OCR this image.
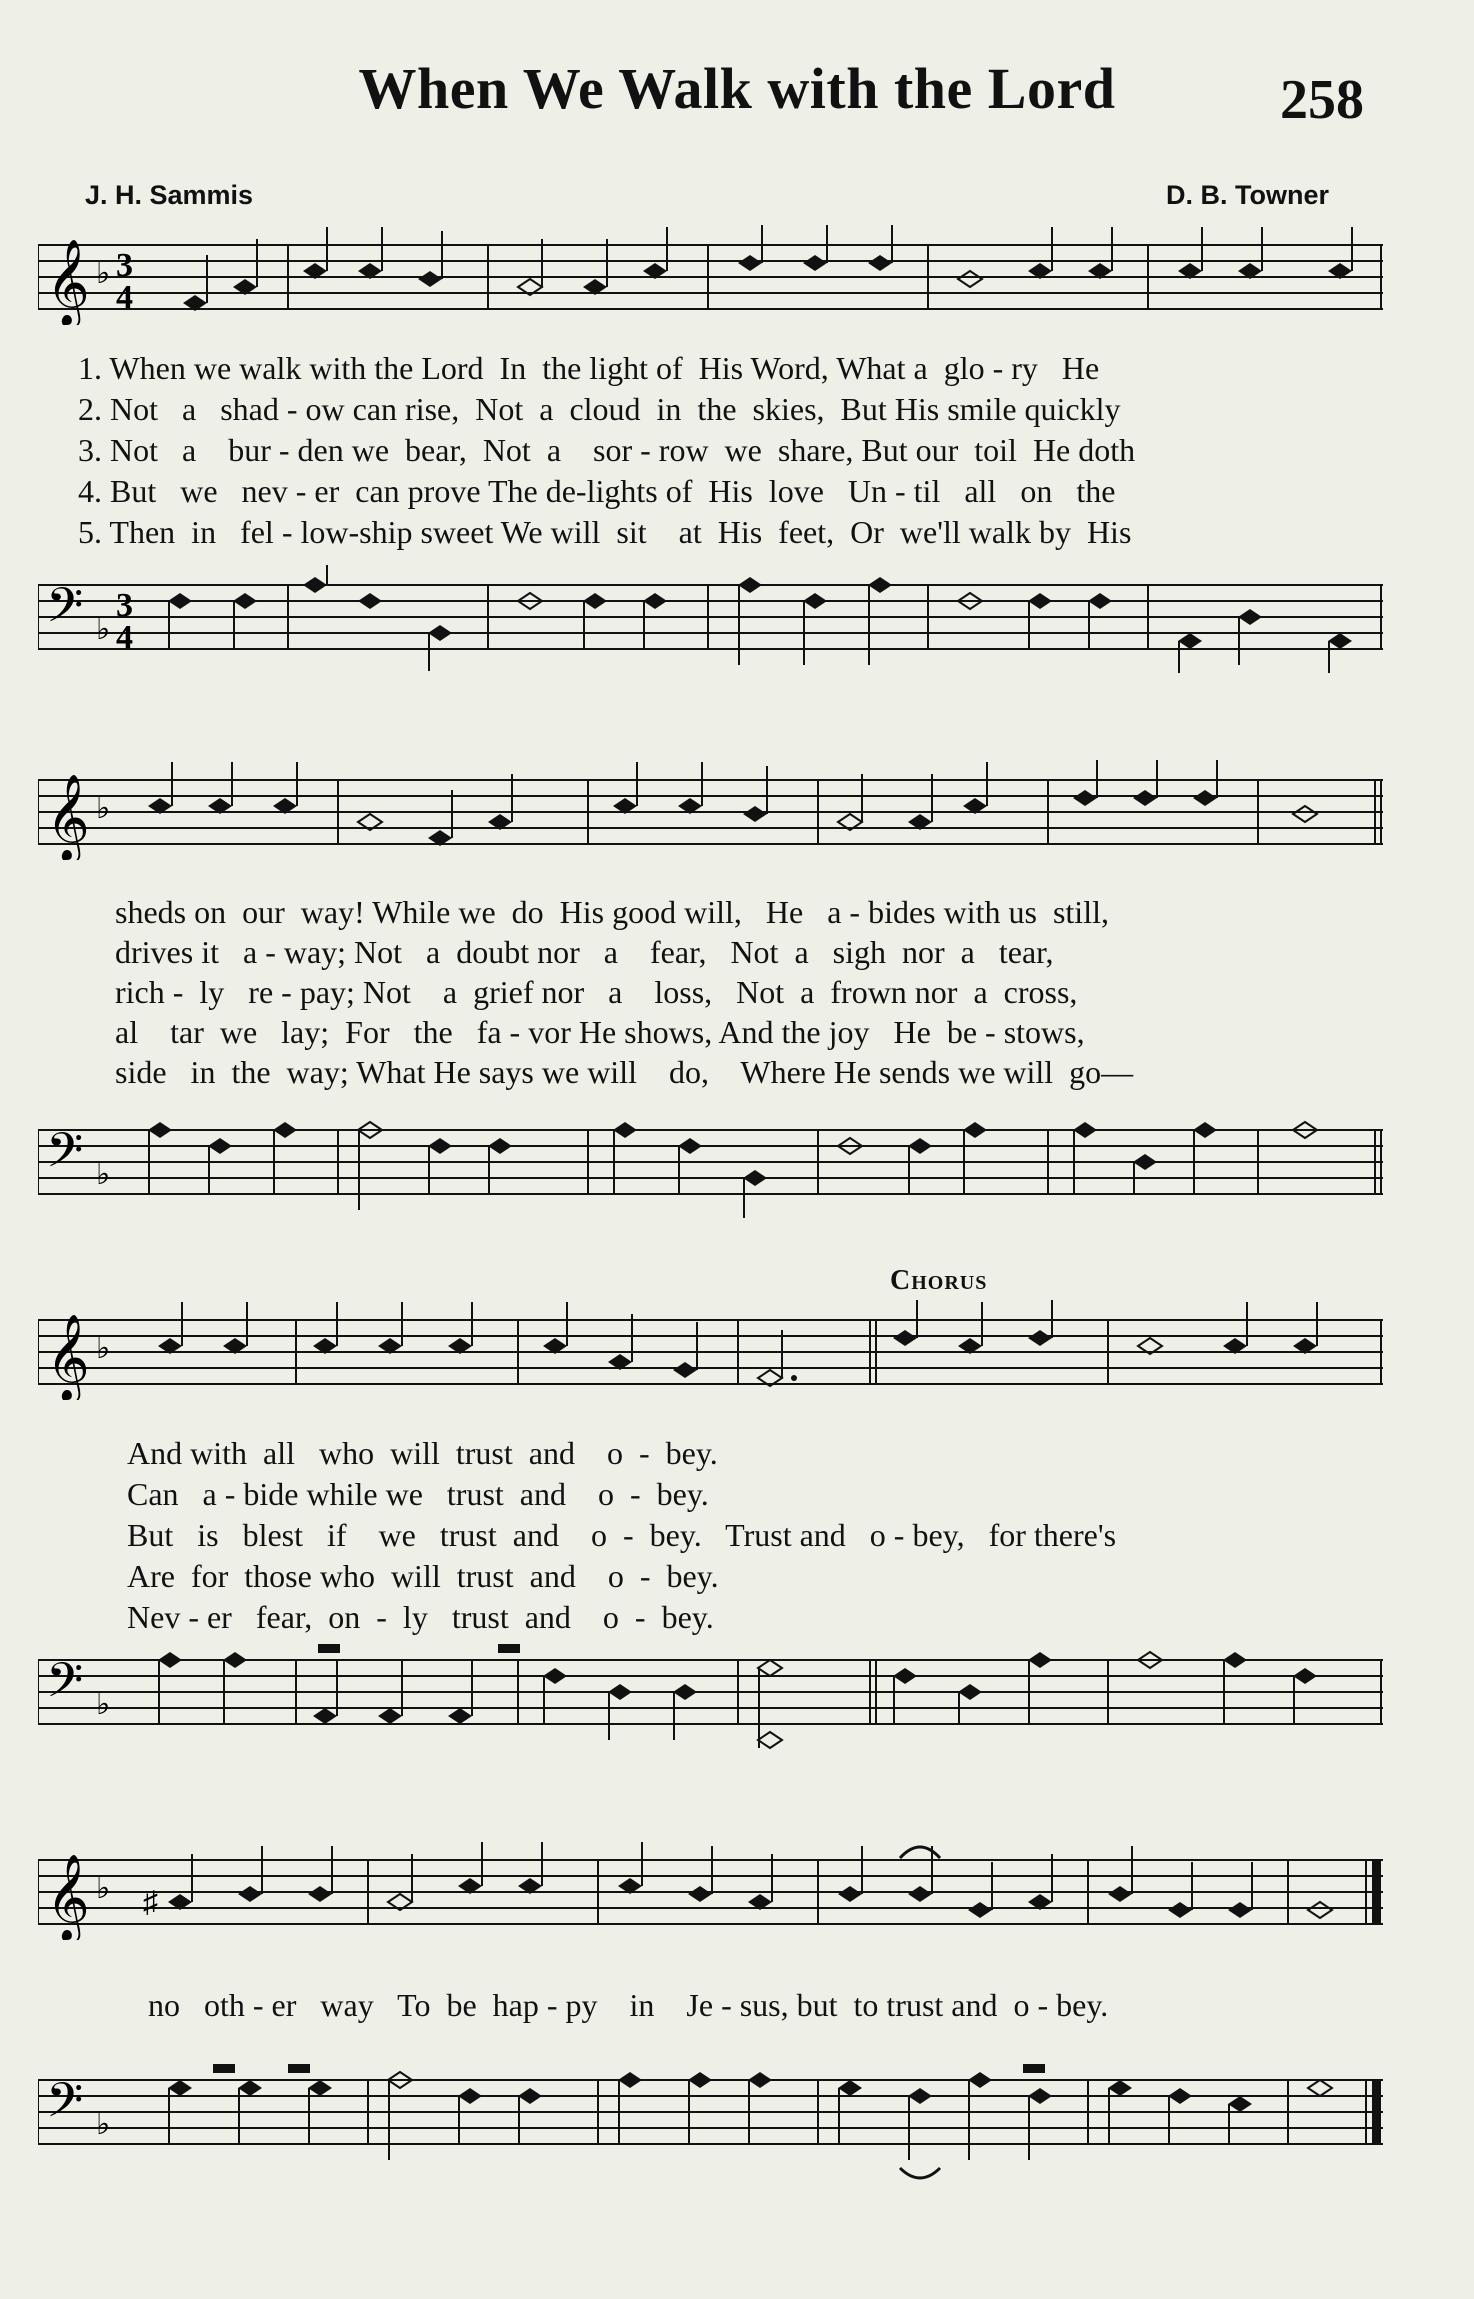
When We Walk with the Lord	258
J. H. Sammis	D. B. Towner
𝄞 ♭ 3
4
1. When we walk with the Lord  In  the light of  His Word, What a  glo - ry   He
2. Not   a   shad - ow can rise,  Not  a  cloud  in  the  skies,  But His smile quickly
3. Not   a    bur - den we  bear,  Not  a    sor - row  we  share, But our  toil  He doth
4. But   we   nev - er  can prove The de-lights of  His  love   Un - til   all   on   the
5. Then  in   fel - low-ship sweet We will  sit    at  His  feet,  Or  we'll walk by  His
𝄢 ♭
3
4
𝄞 ♭
sheds on  our  way! While we  do  His good will,   He   a - bides with us  still,
drives it   a - way; Not   a  doubt nor   a    fear,   Not  a   sigh  nor  a   tear,
rich -  ly   re - pay; Not    a  grief nor   a    loss,   Not  a  frown nor  a  cross,
al    tar  we   lay;  For   the   fa - vor He shows, And the joy   He  be - stows,
side   in  the  way; What He says we will    do,    Where He sends we will  go—
𝄢 ♭
Chorus
𝄞 ♭
And with  all   who  will  trust  and    o  -  bey.
Can   a - bide while we   trust  and    o  -  bey.
But   is   blest   if    we   trust  and    o  -  bey.   Trust and   o - bey,   for there's
Are  for  those who  will  trust  and    o  -  bey.
Nev - er   fear,  on  -  ly   trust  and    o  -  bey.
𝄢 ♭
𝄞 ♭ ♯
no   oth - er   way   To  be  hap - py    in    Je - sus, but  to trust and  o - bey.
𝄢 ♭
